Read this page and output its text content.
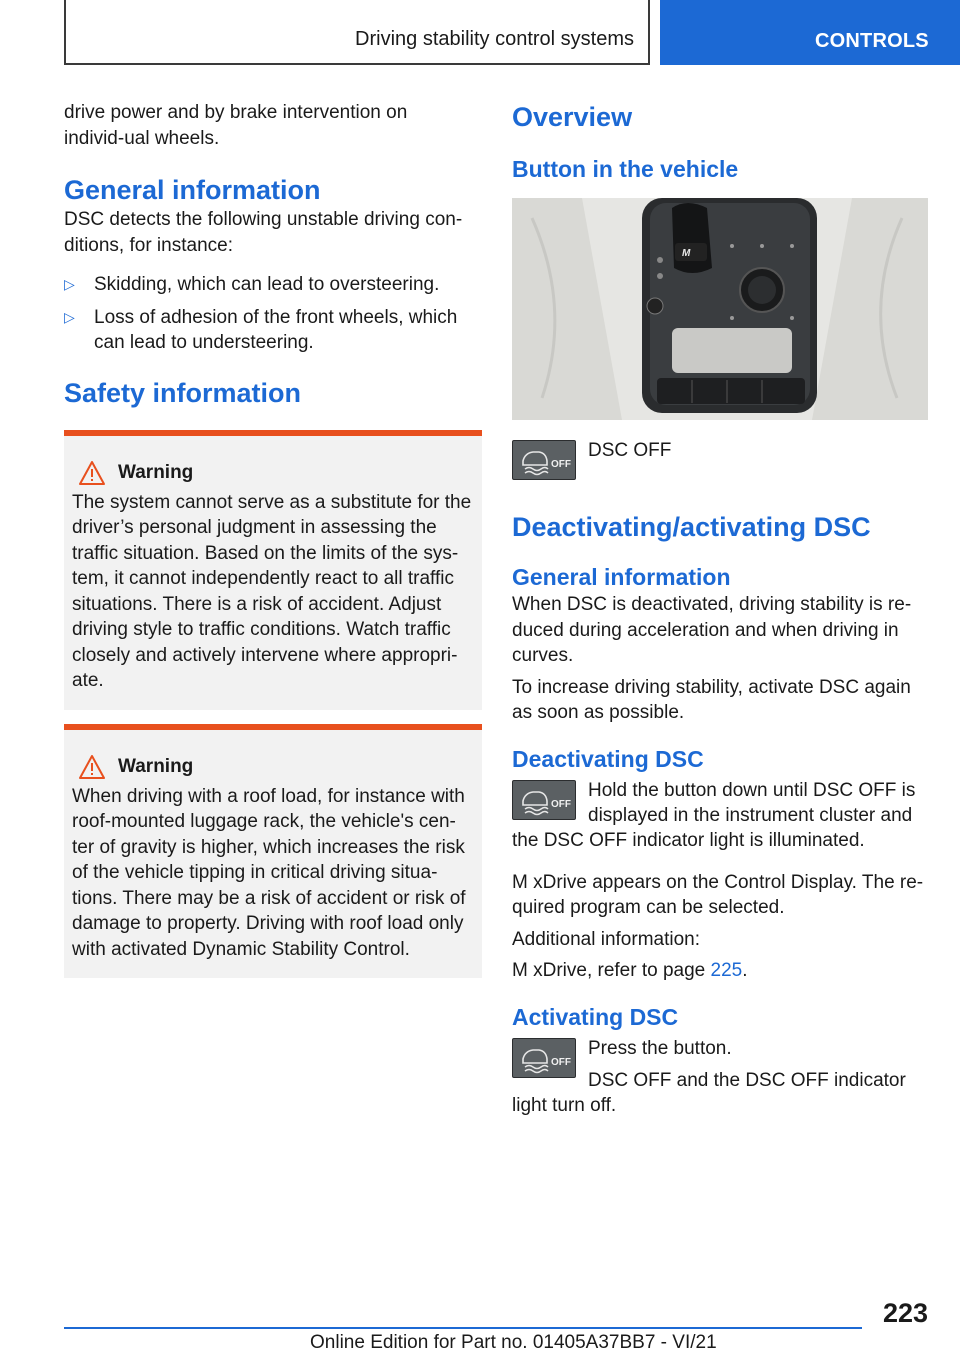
Driving stability control systems	CONTROLS

drive power and by brake intervention on individ‐ual wheels.

General information

DSC detects the following unstable driving con‐ditions, for instance:

▷	Skidding, which can lead to oversteering.
▷	Loss of adhesion of the front wheels, which can lead to understeering.
Safety information
Warning

The system cannot serve as a substitute for the driver’s personal judgment in assessing the traffic situation. Based on the limits of the sys‐tem, it cannot independently react to all traffic situations. There is a risk of accident. Adjust driving style to traffic conditions. Watch traffic closely and actively intervene where appropri‐ate.

Warning

When driving with a roof load, for instance with roof-mounted luggage rack, the vehicle's cen‐ter of gravity is higher, which increases the risk of the vehicle tipping in critical driving situa‐tions. There may be a risk of accident or risk of damage to property. Driving with roof load only with activated Dynamic Stability Control.

Overview
Button in the vehicle
M
OFF

DSC OFF

Deactivating/activating DSC
General information

When DSC is deactivated, driving stability is re‐duced during acceleration and when driving in curves.

To increase driving stability, activate DSC again as soon as possible.

Deactivating DSC
OFF

Hold the button down until DSC OFF is

displayed in the instrument cluster and

the DSC OFF indicator light is illuminated.

M xDrive appears on the Control Display. The re‐quired program can be selected.

Additional information:

M xDrive, refer to page 225.

Activating DSC
OFF

Press the button.

DSC OFF and the DSC OFF indicator

light turn off.

223
Online Edition for Part no. 01405A37BB7 - VI/21
